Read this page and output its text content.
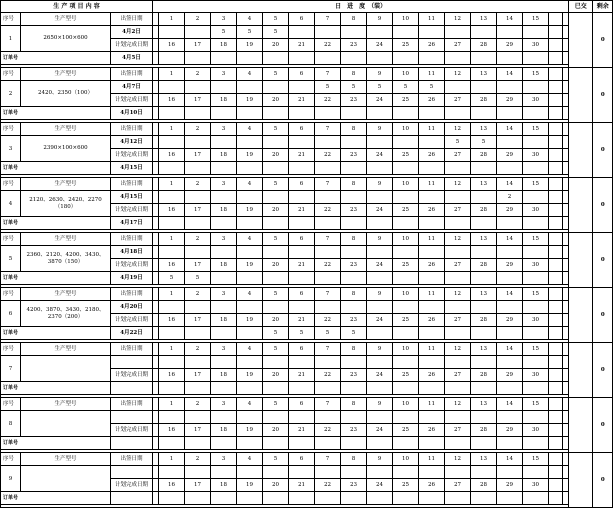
生 产 项 目 内 容			日　进　度　（装）																		已交	剩余
序号	生产型号	出签日期		1	2	3	4	5	6	7	8	9	10	11	12	13	14	15				0
1	2650×100×600	4月2日				5	5	5														
		计划完成日期		16	17	18	19	20	21	22	23	24	25	26	27	28	29	30				
订单号		4月5日																				

序号	生产型号	出签日期		1	2	3	4	5	6	7	8	9	10	11	12	13	14	15				0
2	2420、2350（100）	4月7日								5	5	5	5	5								
		计划完成日期		16	17	18	19	20	21	22	23	24	25	26	27	28	29	30				
订单号		4月10日																				

序号	生产型号	出签日期		1	2	3	4	5	6	7	8	9	10	11	12	13	14	15				0
3	2390×100×600	4月12日													5	5						
		计划完成日期		16	17	18	19	20	21	22	23	24	25	26	27	28	29	30				
订单号		4月15日																				

序号	生产型号	出签日期		1	2	3	4	5	6	7	8	9	10	11	12	13	14	15				0
4	2120、2630、2420、2270（180）	4月15日															2					
		计划完成日期		16	17	18	19	20	21	22	23	24	25	26	27	28	29	30				
订单号		4月17日																				

序号	生产型号	出签日期		1	2	3	4	5	6	7	8	9	10	11	12	13	14	15				0
5	2360、2120、4200、3430、3870（150）	4月18日																				
		计划完成日期		16	17	18	19	20	21	22	23	24	25	26	27	28	29	30				
订单号		4月19日		5	5																	

序号	生产型号	出签日期		1	2	3	4	5	6	7	8	9	10	11	12	13	14	15				0
6	4200、3870、3430、2180、2370（200）	4月20日																				
		计划完成日期		16	17	18	19	20	21	22	23	24	25	26	27	28	29	30				
订单号		4月22日						5	5	5	5											

序号	生产型号	出签日期		1	2	3	4	5	6	7	8	9	10	11	12	13	14	15				0
7																						
		计划完成日期		16	17	18	19	20	21	22	23	24	25	26	27	28	29	30				
订单号																						

序号	生产型号	出签日期		1	2	3	4	5	6	7	8	9	10	11	12	13	14	15				0
8																						
		计划完成日期		16	17	18	19	20	21	22	23	24	25	26	27	28	29	30				
订单号																						

序号	生产型号	出签日期		1	2	3	4	5	6	7	8	9	10	11	12	13	14	15				0
9																						
		计划完成日期		16	17	18	19	20	21	22	23	24	25	26	27	28	29	30				
订单号																						
